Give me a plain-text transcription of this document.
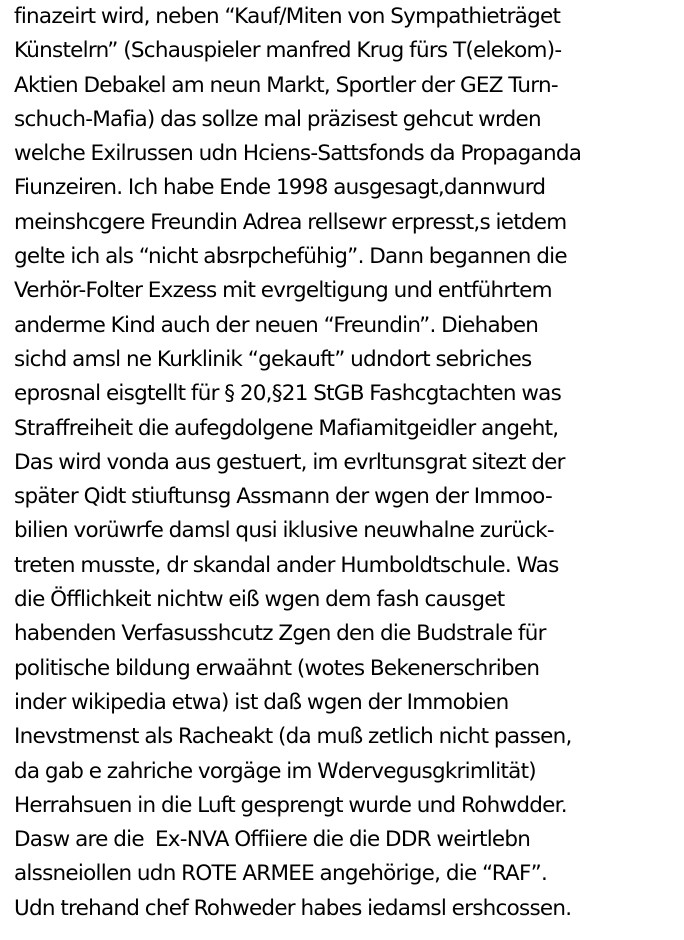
finazeirt wird, neben “Kauf/Miten von Sympathieträget
Künstelrn” (Schauspieler manfred Krug fürs T(elekom)-
Aktien Debakel am neun Markt, Sportler der GEZ Turn-
schuch-Mafia) das sollze mal präzisest gehcut wrden
welche Exilrussen udn Hciens-Sattsfonds da Propaganda
Fiunzeiren. Ich habe Ende 1998 ausgesagt,dannwurd
meinshcgere Freundin Adrea rellsewr erpresst,s ietdem
gelte ich als “nicht absrpchefühig”. Dann begannen die
Verhör-Folter Exzess mit evrgeltigung und entführtem
anderme Kind auch der neuen “Freundin”. Diehaben
sichd amsl ne Kurklinik “gekauft” udndort sebriches
eprosnal eisgtellt für § 20,§21 StGB Fashcgtachten was
Straffreiheit die aufegdolgene Mafiamitgeidler angeht,
Das wird vonda aus gestuert, im evrltunsgrat sitezt der
später Qidt stiuftunsg Assmann der wgen der Immoo-
bilien vorüwrfe damsl qusi iklusive neuwhalne zurück-
treten musste, dr skandal ander Humboldtschule. Was
die Öfflichkeit nichtw eiß wgen dem fash causget
habenden Verfasusshcutz Zgen den die Budstrale für
politische bildung erwaähnt (wotes Bekenerschriben
inder wikipedia etwa) ist daß wgen der Immobien
Inevstmenst als Racheakt (da muß zetlich nicht passen,
da gab e zahriche vorgäge im Wdervegusgkrimlität)
Herrahsuen in die Luft gesprengt wurde und Rohwdder.
Dasw are die  Ex-NVA Offiiere die die DDR weirtlebn
alssneiollen udn ROTE ARMEE angehörige, die “RAF”.
Udn trehand chef Rohweder habes iedamsl ershcossen.
